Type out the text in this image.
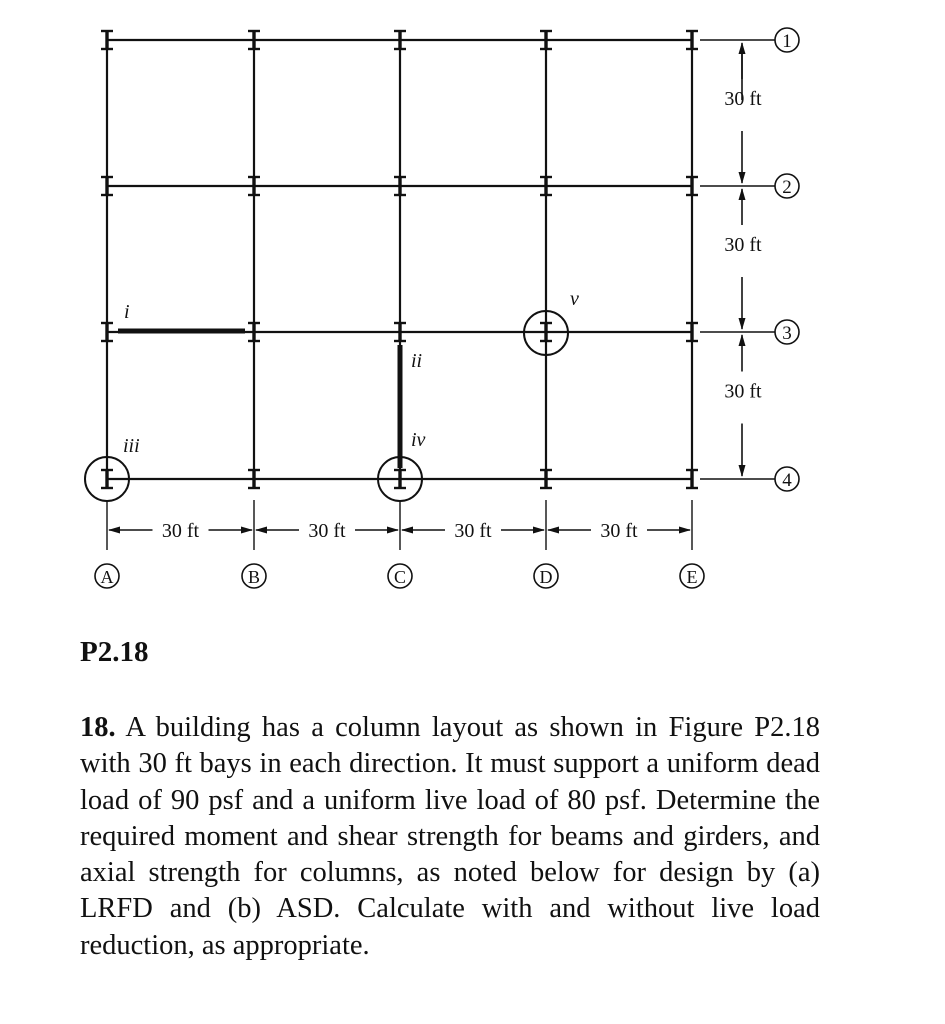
30 ft
30 ft
30 ft
30 ft	30 ft	30 ft	30 ft
1
2
3
4
A	B	C	D	E
i
ii
iii	iv
v
P2.18

18. A building has a column layout as shown in Figure P2.18 with 30 ft bays in each direction. It must support a uniform dead load of 90 psf and a uniform live load of 80 psf. Determine the required moment and shear strength for beams and girders, and axial strength for columns, as noted below for design by (a) LRFD and (b) ASD. Calculate with and without live load reduction, as appropriate.
